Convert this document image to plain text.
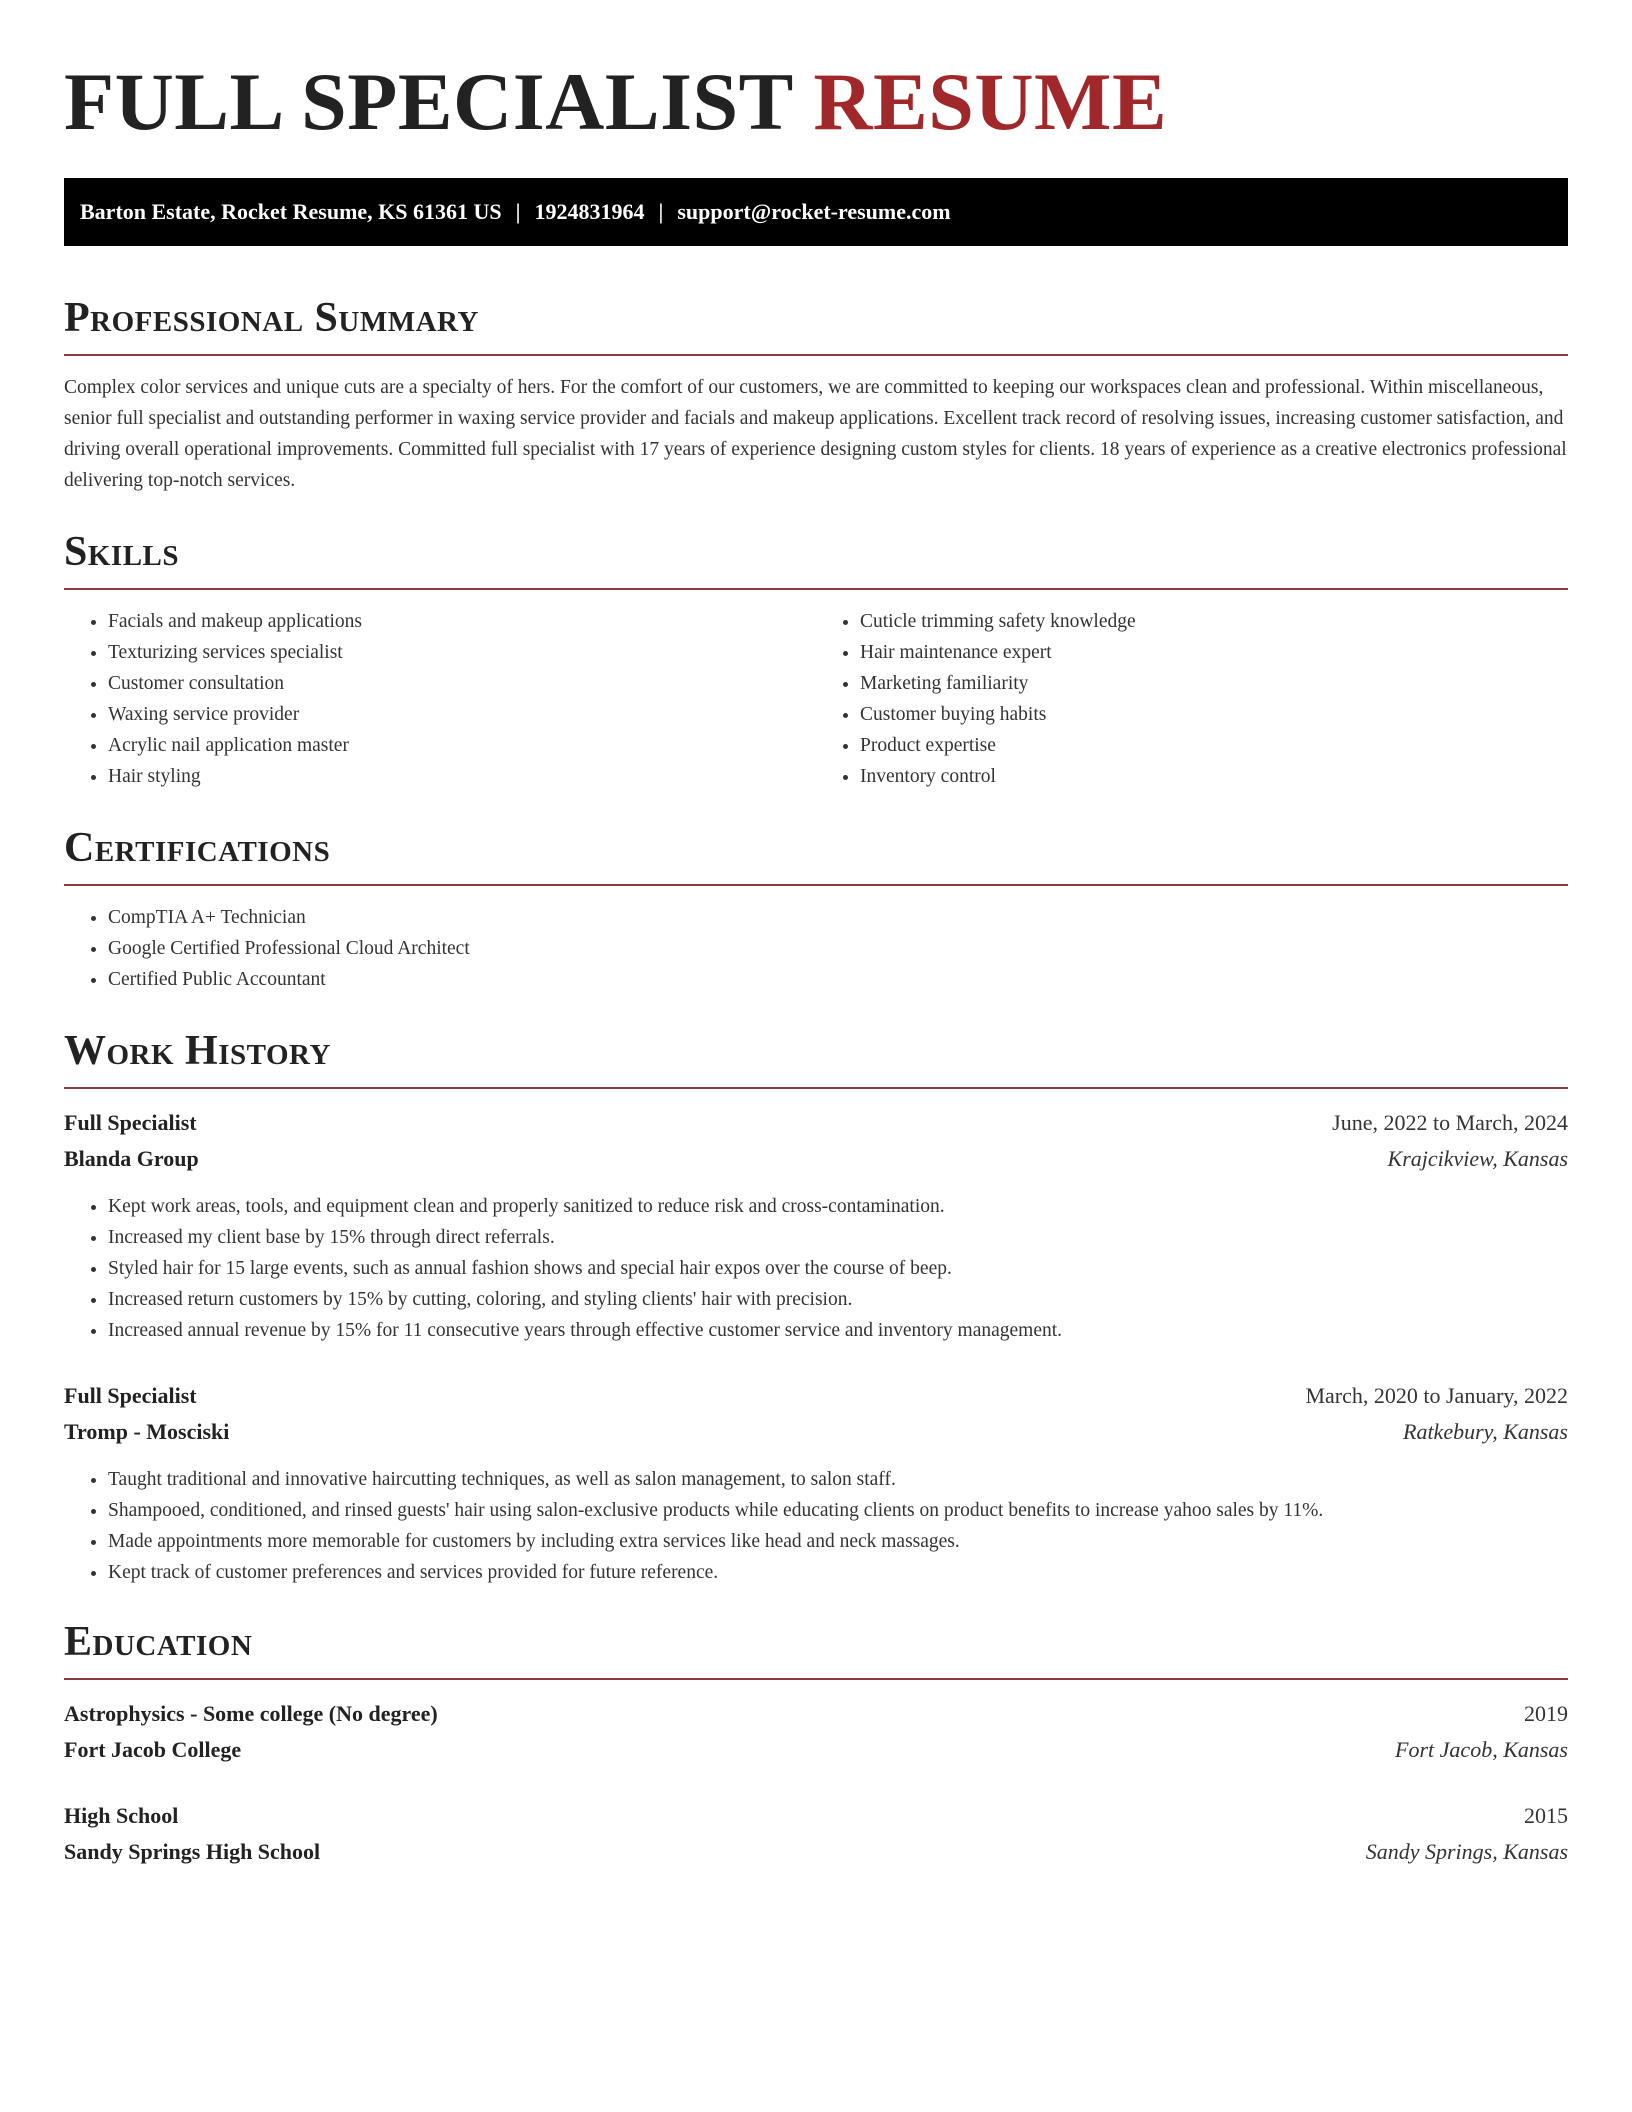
FULL SPECIALIST RESUME
Barton Estate, Rocket Resume, KS 61361 US | 1924831964 | support@rocket-resume.com
Professional Summary

Complex color services and unique cuts are a specialty of hers. For the comfort of our customers, we are committed to keeping our workspaces clean and professional. Within miscellaneous, senior full specialist and outstanding performer in waxing service provider and facials and makeup applications. Excellent track record of resolving issues, increasing customer satisfaction, and driving overall operational improvements. Committed full specialist with 17 years of experience designing custom styles for clients. 18 years of experience as a creative electronics professional delivering top-notch services.

Skills
• Facials and makeup applications
• Texturizing services specialist
• Customer consultation
• Waxing service provider
• Acrylic nail application master
• Hair styling
• Cuticle trimming safety knowledge
• Hair maintenance expert
• Marketing familiarity
• Customer buying habits
• Product expertise
• Inventory control
Certifications
• CompTIA A+ Technician
• Google Certified Professional Cloud Architect
• Certified Public Accountant
Work History
Full Specialist	June, 2022 to March, 2024
Blanda Group	Krajcikview, Kansas
• Kept work areas, tools, and equipment clean and properly sanitized to reduce risk and cross-contamination.
• Increased my client base by 15% through direct referrals.
• Styled hair for 15 large events, such as annual fashion shows and special hair expos over the course of beep.
• Increased return customers by 15% by cutting, coloring, and styling clients' hair with precision.
• Increased annual revenue by 15% for 11 consecutive years through effective customer service and inventory management.
Full Specialist	March, 2020 to January, 2022
Tromp - Mosciski	Ratkebury, Kansas
• Taught traditional and innovative haircutting techniques, as well as salon management, to salon staff.
• Shampooed, conditioned, and rinsed guests' hair using salon-exclusive products while educating clients on product benefits to increase yahoo sales by 11%.
• Made appointments more memorable for customers by including extra services like head and neck massages.
• Kept track of customer preferences and services provided for future reference.
Education
Astrophysics - Some college (No degree)	2019
Fort Jacob College	Fort Jacob, Kansas
High School	2015
Sandy Springs High School	Sandy Springs, Kansas
